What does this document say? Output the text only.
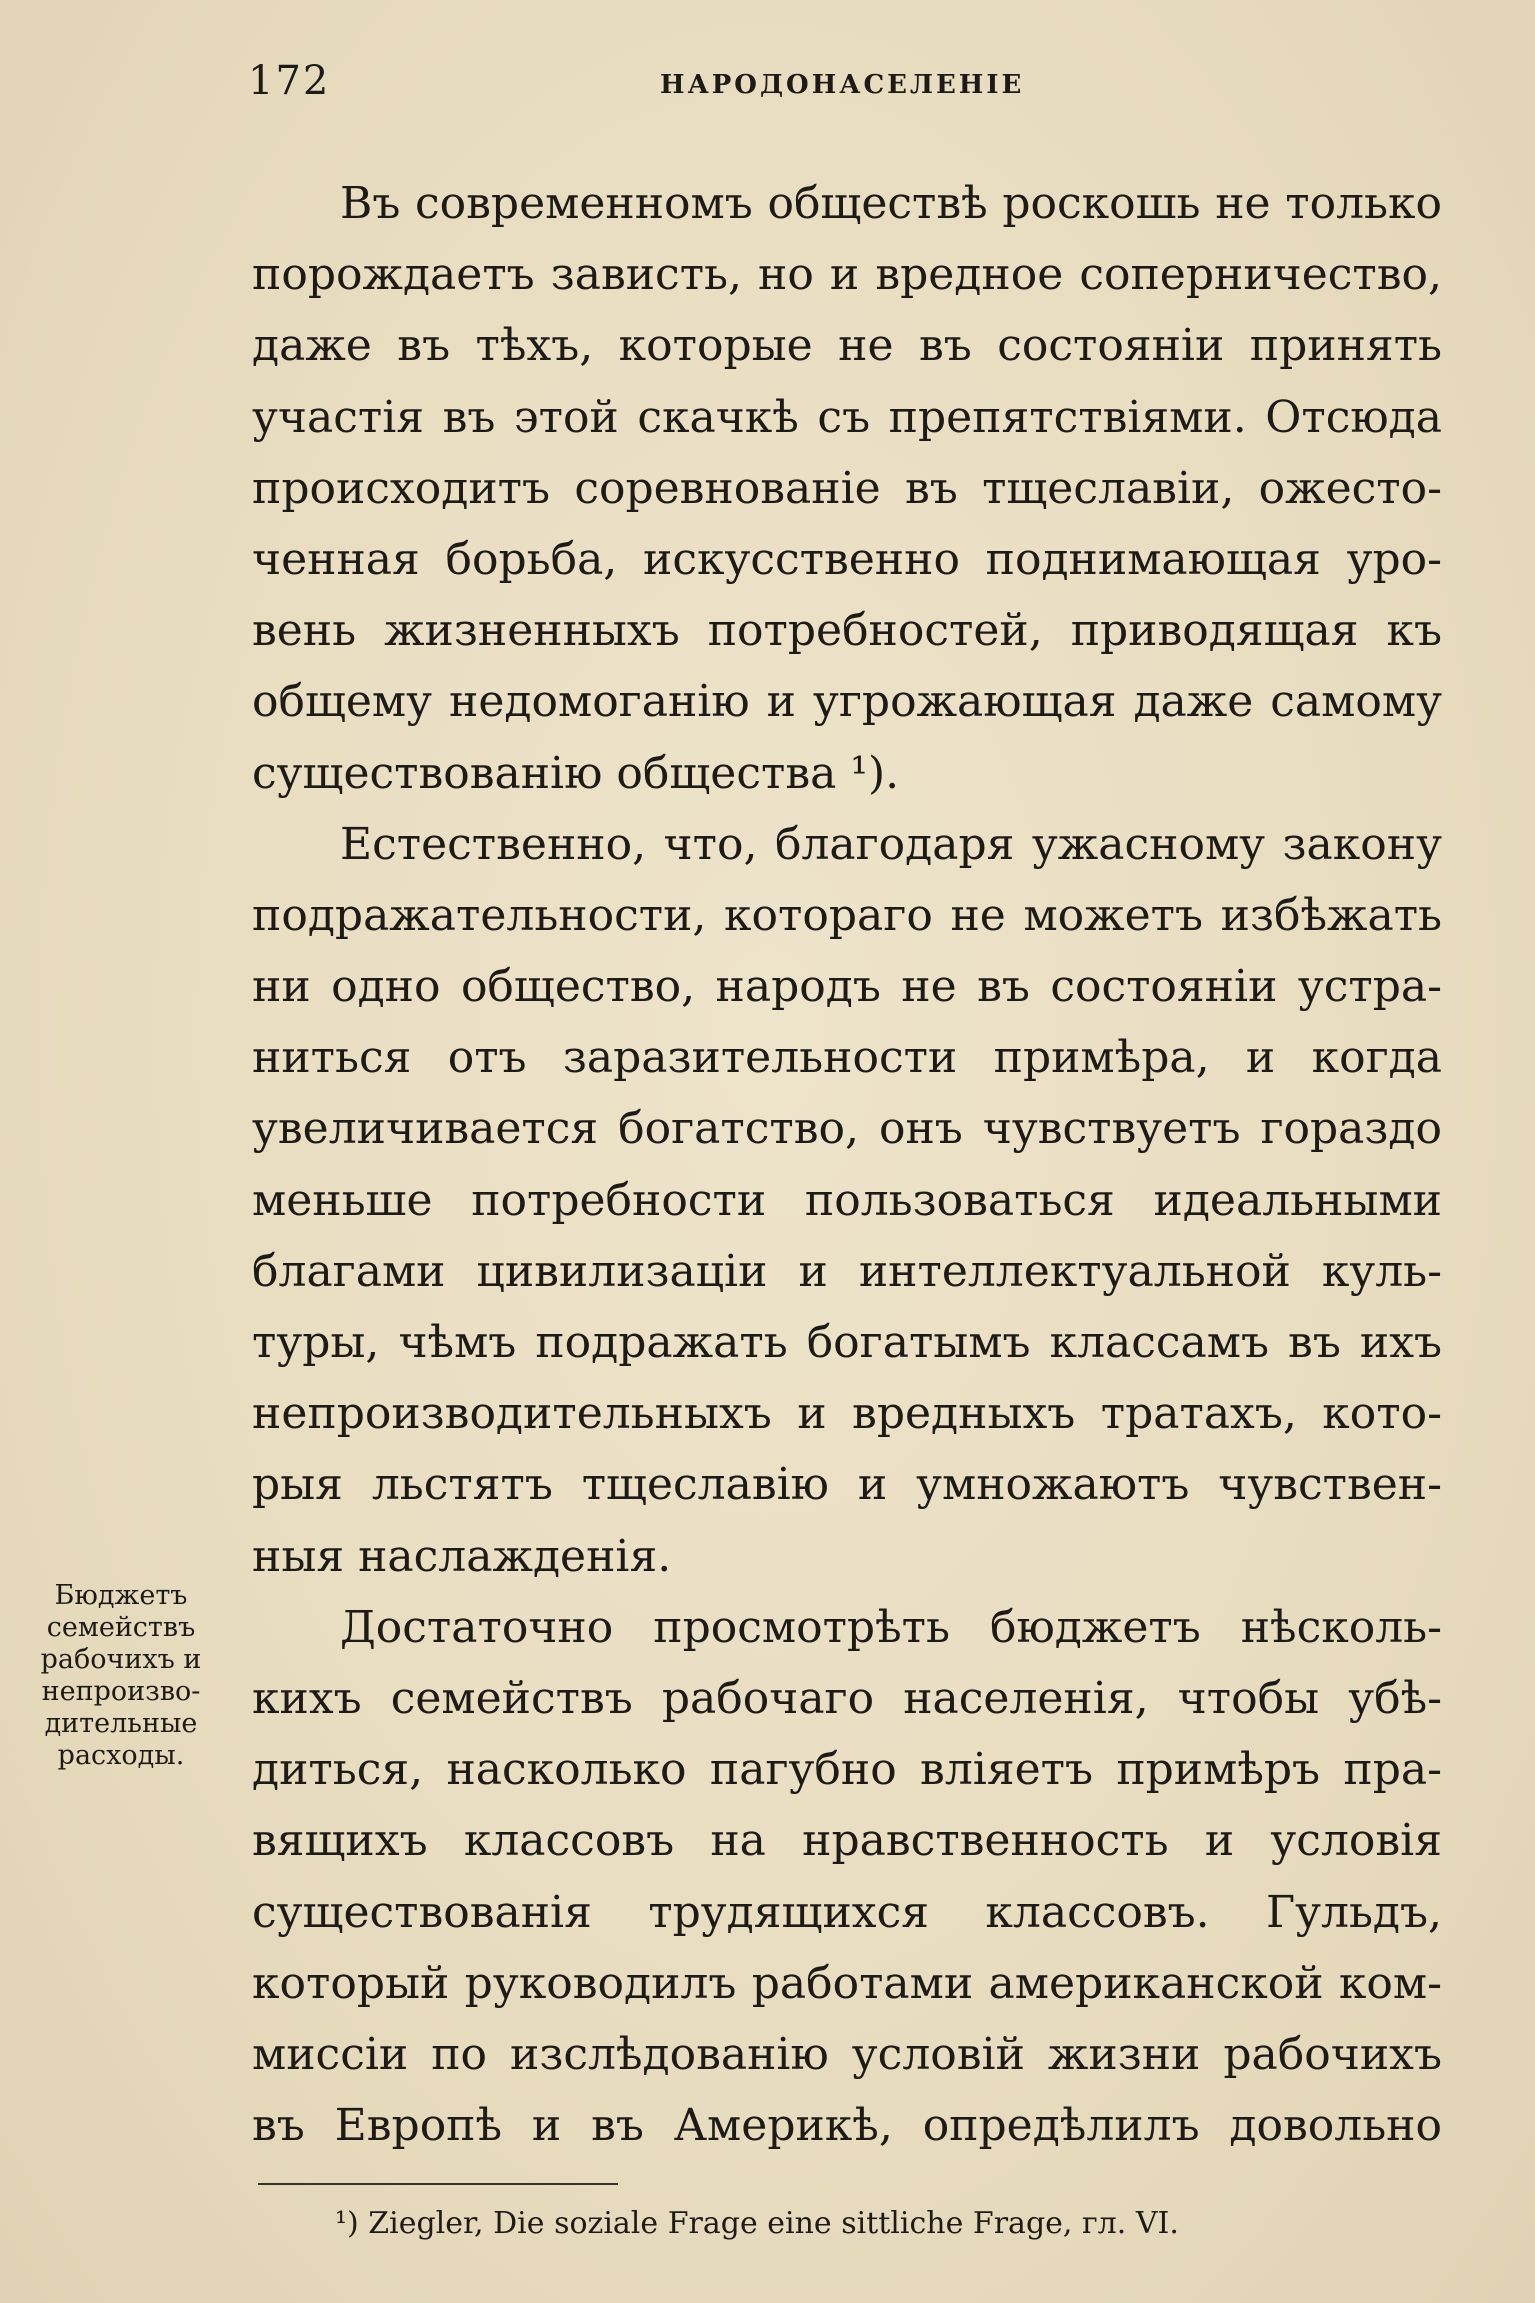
172	НАРОДОНАСЕЛЕНІЕ
Въ современномъ обществѣ роскошь не только
порождаетъ зависть, но и вредное соперничество,
даже въ тѣхъ, которые не въ состояніи принять
участія въ этой скачкѣ съ препятствіями. Отсюда
происходитъ соревнованіе въ тщеславіи, ожесто-
ченная борьба, искусственно поднимающая уро-
вень жизненныхъ потребностей, приводящая къ
общему недомоганію и угрожающая даже самому
существованію общества ¹).
Естественно, что, благодаря ужасному закону
подражательности, котораго не можетъ избѣжать
ни одно общество, народъ не въ состояніи устра-
ниться отъ заразительности примѣра, и когда
увеличивается богатство, онъ чувствуетъ гораздо
меньше потребности пользоваться идеальными
благами цивилизаціи и интеллектуальной куль-
туры, чѣмъ подражать богатымъ классамъ въ ихъ
непроизводительныхъ и вредныхъ тратахъ, кото-
рыя льстятъ тщеславію и умножаютъ чувствен-
ныя наслажденія.
Достаточно просмотрѣть бюджетъ нѣсколь-
кихъ семействъ рабочаго населенія, чтобы убѣ-
диться, насколько пагубно вліяетъ примѣръ пра-
вящихъ классовъ на нравственность и условія
существованія трудящихся классовъ. Гульдъ,
который руководилъ работами американской ком-
миссіи по изслѣдованію условій жизни рабочихъ
въ Европѣ и въ Америкѣ, опредѣлилъ довольно
Бюджетъ
семействъ
рабочихъ и
непроизво-
дительные
расходы.
¹) Ziegler, Die soziale Frage eine sittliche Frage, гл. VI.
